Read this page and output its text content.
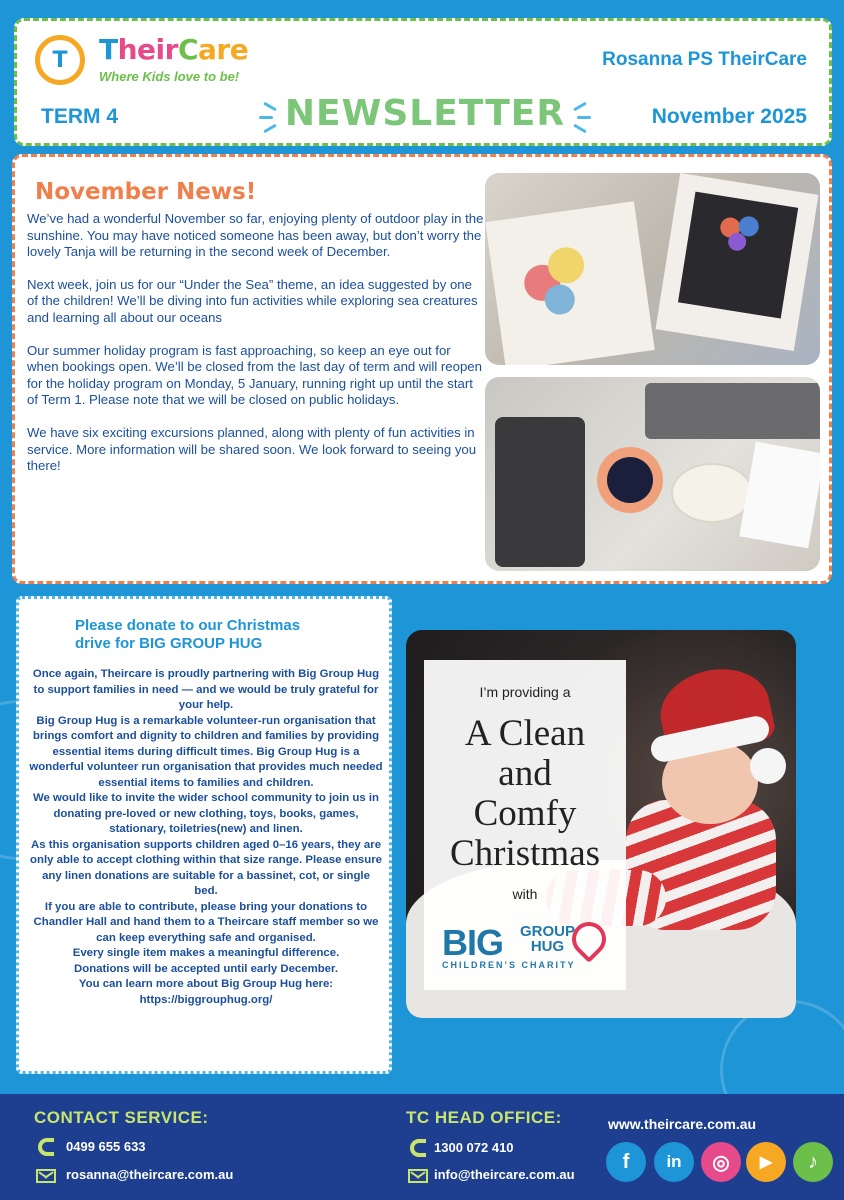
T TheirCare
Where Kids love to be!
Rosanna PS TheirCare
TERM 4	NEWSLETTER	November 2025
November News!

We’ve had a wonderful November so far, enjoying plenty of outdoor play in the sunshine. You may have noticed someone has been away, but don’t worry the lovely Tanja will be returning in the second week of December.

Next week, join us for our “Under the Sea” theme, an idea suggested by one of the children! We’ll be diving into fun activities while exploring sea creatures and learning all about our oceans

Our summer holiday program is fast approaching, so keep an eye out for when bookings open. We’ll be closed from the last day of term and will reopen for the holiday program on Monday, 5 January, running right up until the start of Term 1. Please note that we will be closed on public holidays.

We have six exciting excursions planned, along with plenty of fun activities in service. More information will be shared soon. We look forward to seeing you there!

Please donate to our Christmas
drive for BIG GROUP HUG

Once again, Theircare is proudly partnering with Big Group Hug to support families in need — and we would be truly grateful for your help.

Big Group Hug is a remarkable volunteer-run organisation that brings comfort and dignity to children and families by providing essential items during difficult times. Big Group Hug is a wonderful volunteer run organisation that provides much needed essential items to families and children.

We would like to invite the wider school community to join us in donating pre-loved or new clothing, toys, books, games, stationary, toiletries(new) and linen.

As this organisation supports children aged 0–16 years, they are only able to accept clothing within that size range. Please ensure any linen donations are suitable for a bassinet, cot, or single bed.

If you are able to contribute, please bring your donations to Chandler Hall and hand them to a Theircare staff member so we can keep everything safe and organised.

Every single item makes a meaningful difference.

Donations will be accepted until early December.

You can learn more about Big Group Hug here:

https://biggrouphug.org/

I’m providing a
A Clean
and
Comfy
Christmas
with
BIG GROUP
HUG
CHILDREN’S CHARITY
CONTACT SERVICE:
0499 655 633
rosanna@theircare.com.au
TC HEAD OFFICE:
1300 072 410
info@theircare.com.au
www.theircare.com.au
f	in	◎	▶	♪
